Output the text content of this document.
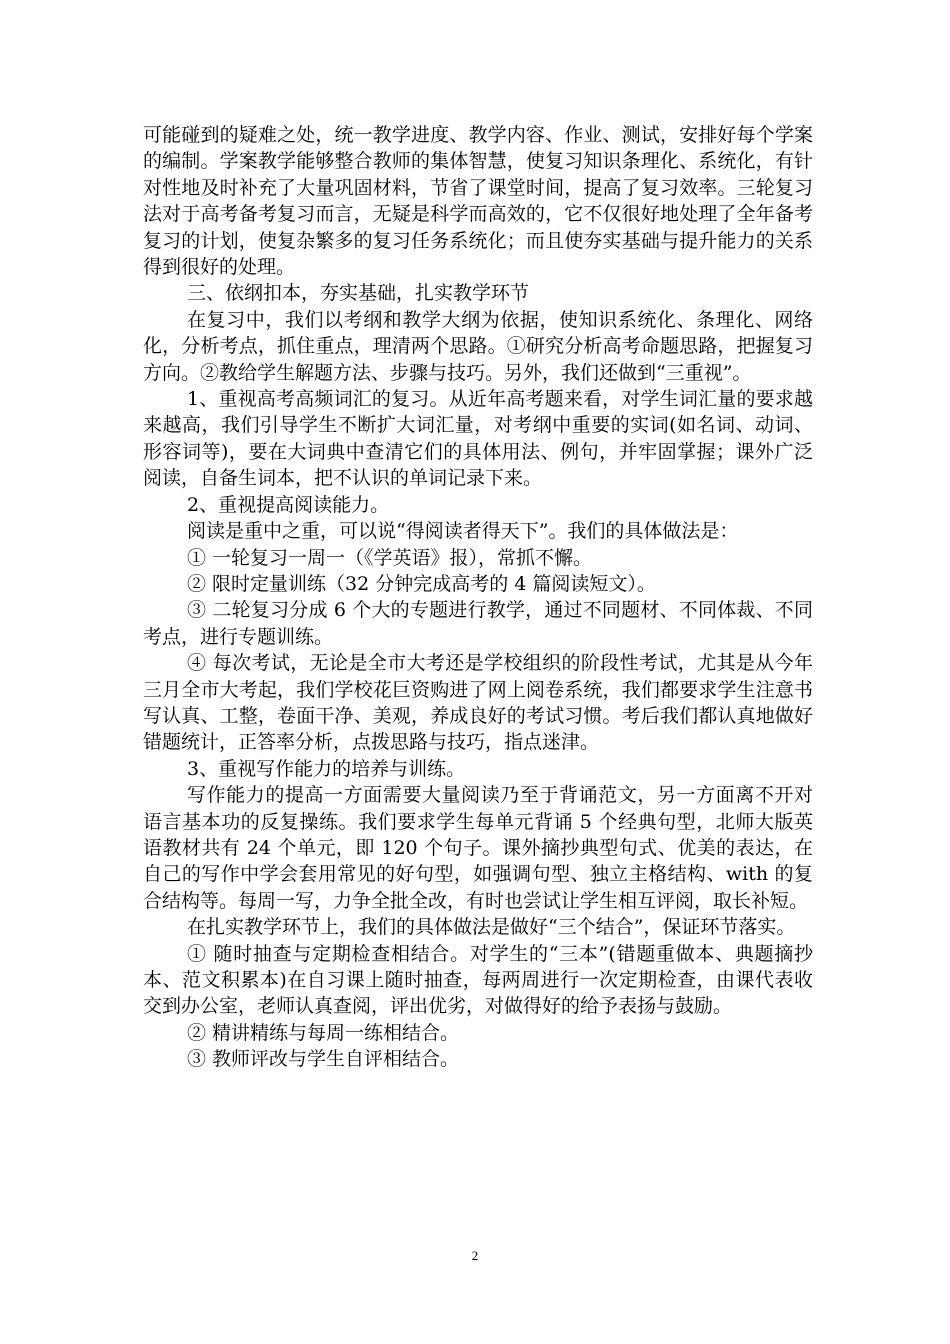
可能碰到的疑难之处，统一教学进度、教学内容、作业、测试，安排好每个学案的编制。学案教学能够整合教师的集体智慧，使复习知识条理化、系统化，有针对性地及时补充了大量巩固材料，节省了课堂时间，提高了复习效率。三轮复习法对于高考备考复习而言，无疑是科学而高效的，它不仅很好地处理了全年备考复习的计划，使复杂繁多的复习任务系统化；而且使夯实基础与提升能力的关系得到很好的处理。

三、依纲扣本，夯实基础，扎实教学环节

在复习中，我们以考纲和教学大纲为依据，使知识系统化、条理化、网络化，分析考点，抓住重点，理清两个思路。①研究分析高考命题思路，把握复习方向。②教给学生解题方法、步骤与技巧。另外，我们还做到“三重视”。

1、重视高考高频词汇的复习。从近年高考题来看，对学生词汇量的要求越来越高，我们引导学生不断扩大词汇量，对考纲中重要的实词(如名词、动词、形容词等)，要在大词典中查清它们的具体用法、例句，并牢固掌握；课外广泛阅读，自备生词本，把不认识的单词记录下来。

2、重视提高阅读能力。

阅读是重中之重，可以说“得阅读者得天下”。我们的具体做法是：

① 一轮复习一周一（《学英语》报），常抓不懈。

② 限时定量训练（32 分钟完成高考的 4 篇阅读短文）。

③ 二轮复习分成 6 个大的专题进行教学，通过不同题材、不同体裁、不同考点，进行专题训练。

④ 每次考试，无论是全市大考还是学校组织的阶段性考试，尤其是从今年三月全市大考起，我们学校花巨资购进了网上阅卷系统，我们都要求学生注意书写认真、工整，卷面干净、美观，养成良好的考试习惯。考后我们都认真地做好错题统计，正答率分析，点拨思路与技巧，指点迷津。

3、重视写作能力的培养与训练。

写作能力的提高一方面需要大量阅读乃至于背诵范文，另一方面离不开对语言基本功的反复操练。我们要求学生每单元背诵 5 个经典句型，北师大版英语教材共有 24 个单元，即 120 个句子。课外摘抄典型句式、优美的表达，在自己的写作中学会套用常见的好句型，如强调句型、独立主格结构、with 的复合结构等。每周一写，力争全批全改，有时也尝试让学生相互评阅，取长补短。

在扎实教学环节上，我们的具体做法是做好“三个结合”，保证环节落实。

① 随时抽查与定期检查相结合。对学生的“三本”(错题重做本、典题摘抄本、范文积累本)在自习课上随时抽查，每两周进行一次定期检查，由课代表收交到办公室，老师认真查阅，评出优劣，对做得好的给予表扬与鼓励。

② 精讲精练与每周一练相结合。

③ 教师评改与学生自评相结合。

2
